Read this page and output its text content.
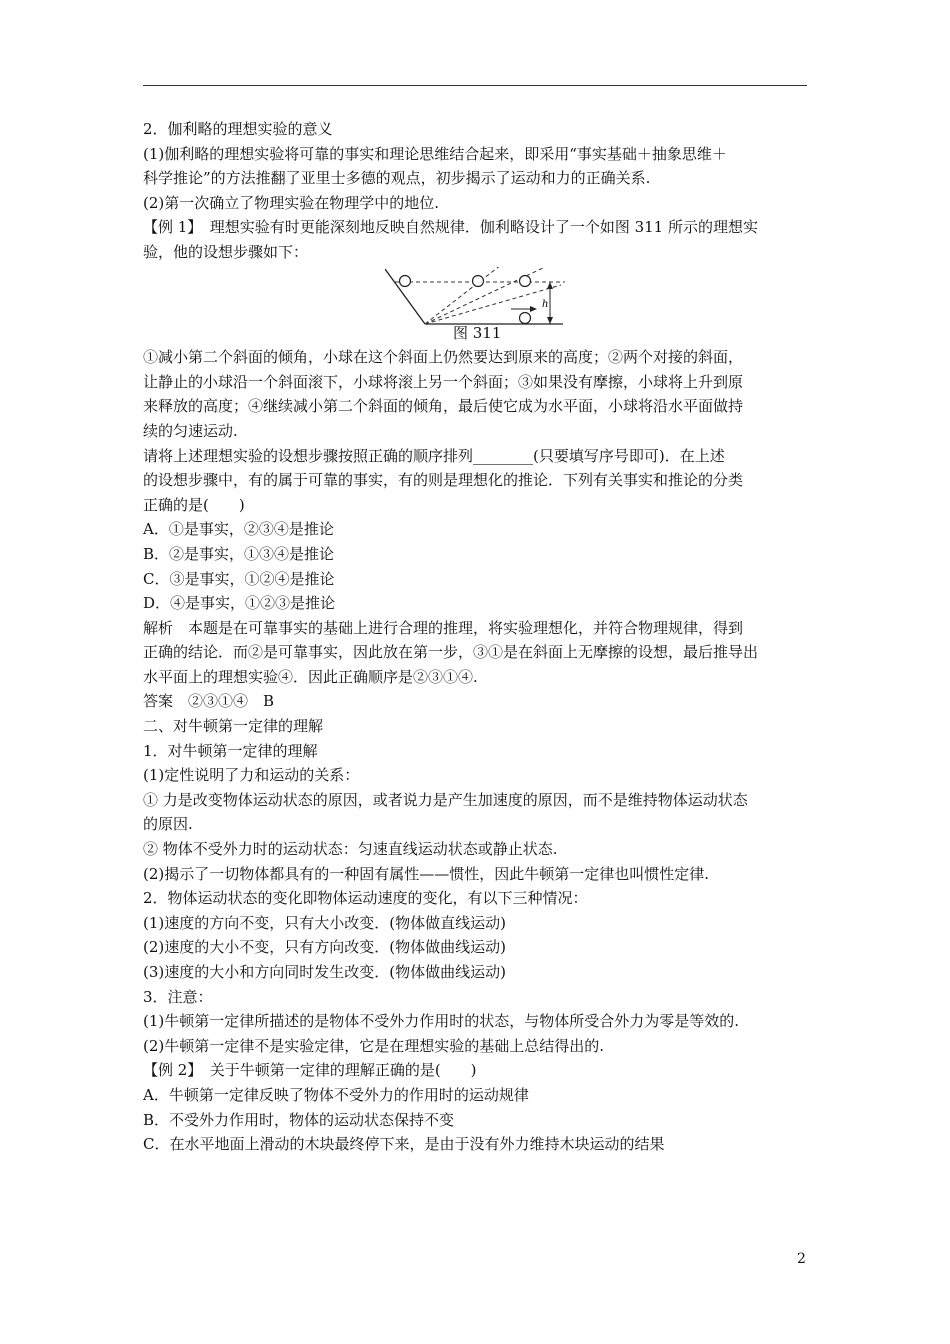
2．伽利略的理想实验的意义

(1)伽利略的理想实验将可靠的事实和理论思维结合起来，即采用“事实基础＋抽象思维＋

科学推论”的方法推翻了亚里士多德的观点，初步揭示了运动和力的正确关系.

(2)第一次确立了物理实验在物理学中的地位.

【例 1】　理想实验有时更能深刻地反映自然规律．伽利略设计了一个如图 311 所示的理想实

验，他的设想步骤如下：

h

图 311

①减小第二个斜面的倾角，小球在这个斜面上仍然要达到原来的高度；②两个对接的斜面，

让静止的小球沿一个斜面滚下，小球将滚上另一个斜面；③如果没有摩擦，小球将上升到原

来释放的高度；④继续减小第二个斜面的倾角，最后使它成为水平面，小球将沿水平面做持

续的匀速运动.

请将上述理想实验的设想步骤按照正确的顺序排列________(只要填写序号即可)．在上述

的设想步骤中，有的属于可靠的事实，有的则是理想化的推论．下列有关事实和推论的分类

正确的是(　　)

A．①是事实，②③④是推论

B．②是事实，①③④是推论

C．③是事实，①②④是推论

D．④是事实，①②③是推论

解析　本题是在可靠事实的基础上进行合理的推理，将实验理想化，并符合物理规律，得到

正确的结论．而②是可靠事实，因此放在第一步，③①是在斜面上无摩擦的设想，最后推导出

水平面上的理想实验④．因此正确顺序是②③①④.

答案　②③①④　B

二、对牛顿第一定律的理解

1．对牛顿第一定律的理解

(1)定性说明了力和运动的关系：

① 力是改变物体运动状态的原因，或者说力是产生加速度的原因，而不是维持物体运动状态

的原因.

② 物体不受外力时的运动状态：匀速直线运动状态或静止状态.

(2)揭示了一切物体都具有的一种固有属性——惯性，因此牛顿第一定律也叫惯性定律.

2．物体运动状态的变化即物体运动速度的变化，有以下三种情况：

(1)速度的方向不变，只有大小改变．(物体做直线运动)

(2)速度的大小不变，只有方向改变．(物体做曲线运动)

(3)速度的大小和方向同时发生改变．(物体做曲线运动)

3．注意：

(1)牛顿第一定律所描述的是物体不受外力作用时的状态，与物体所受合外力为零是等效的.

(2)牛顿第一定律不是实验定律，它是在理想实验的基础上总结得出的.

【例 2】　关于牛顿第一定律的理解正确的是(　　)

A．牛顿第一定律反映了物体不受外力的作用时的运动规律

B．不受外力作用时，物体的运动状态保持不变

C．在水平地面上滑动的木块最终停下来，是由于没有外力维持木块运动的结果

2
